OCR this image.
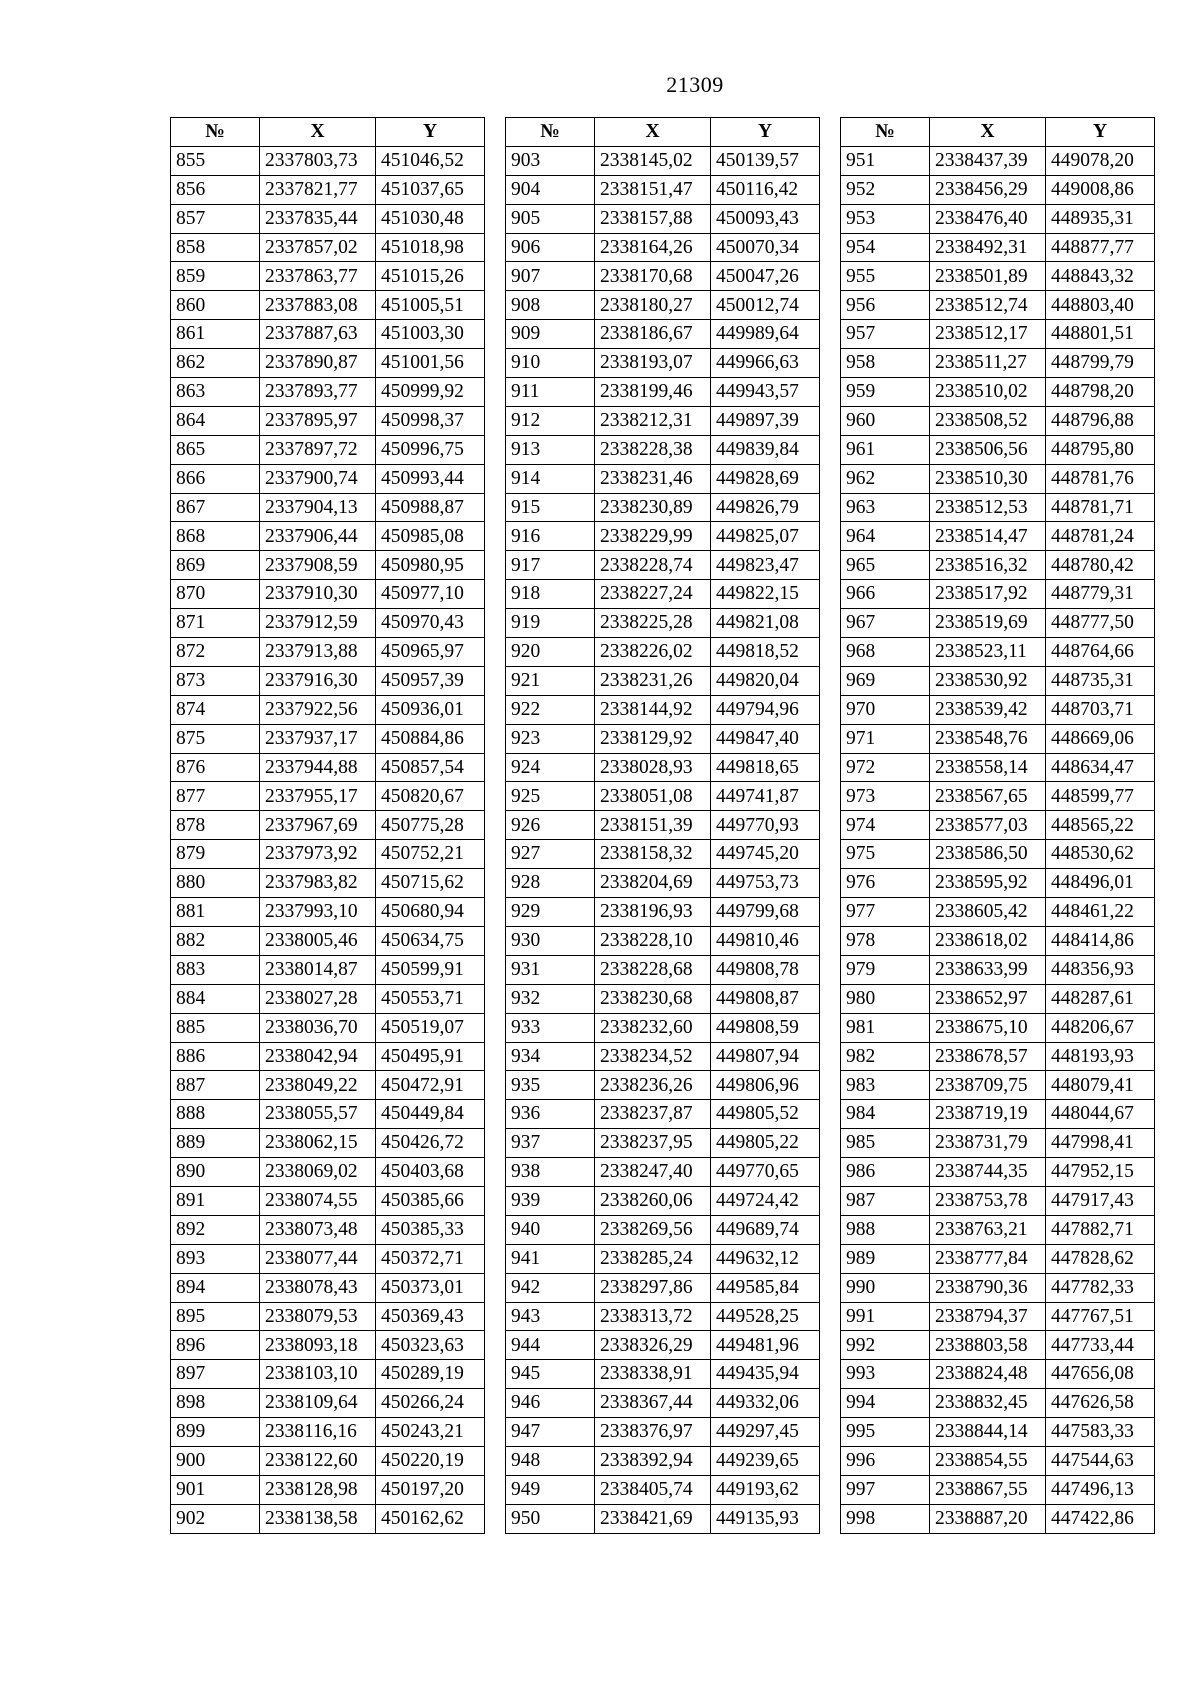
21309
№	X	Y
855	2337803,73	451046,52
856	2337821,77	451037,65
857	2337835,44	451030,48
858	2337857,02	451018,98
859	2337863,77	451015,26
860	2337883,08	451005,51
861	2337887,63	451003,30
862	2337890,87	451001,56
863	2337893,77	450999,92
864	2337895,97	450998,37
865	2337897,72	450996,75
866	2337900,74	450993,44
867	2337904,13	450988,87
868	2337906,44	450985,08
869	2337908,59	450980,95
870	2337910,30	450977,10
871	2337912,59	450970,43
872	2337913,88	450965,97
873	2337916,30	450957,39
874	2337922,56	450936,01
875	2337937,17	450884,86
876	2337944,88	450857,54
877	2337955,17	450820,67
878	2337967,69	450775,28
879	2337973,92	450752,21
880	2337983,82	450715,62
881	2337993,10	450680,94
882	2338005,46	450634,75
883	2338014,87	450599,91
884	2338027,28	450553,71
885	2338036,70	450519,07
886	2338042,94	450495,91
887	2338049,22	450472,91
888	2338055,57	450449,84
889	2338062,15	450426,72
890	2338069,02	450403,68
891	2338074,55	450385,66
892	2338073,48	450385,33
893	2338077,44	450372,71
894	2338078,43	450373,01
895	2338079,53	450369,43
896	2338093,18	450323,63
897	2338103,10	450289,19
898	2338109,64	450266,24
899	2338116,16	450243,21
900	2338122,60	450220,19
901	2338128,98	450197,20
902	2338138,58	450162,62
№	X	Y
903	2338145,02	450139,57
904	2338151,47	450116,42
905	2338157,88	450093,43
906	2338164,26	450070,34
907	2338170,68	450047,26
908	2338180,27	450012,74
909	2338186,67	449989,64
910	2338193,07	449966,63
911	2338199,46	449943,57
912	2338212,31	449897,39
913	2338228,38	449839,84
914	2338231,46	449828,69
915	2338230,89	449826,79
916	2338229,99	449825,07
917	2338228,74	449823,47
918	2338227,24	449822,15
919	2338225,28	449821,08
920	2338226,02	449818,52
921	2338231,26	449820,04
922	2338144,92	449794,96
923	2338129,92	449847,40
924	2338028,93	449818,65
925	2338051,08	449741,87
926	2338151,39	449770,93
927	2338158,32	449745,20
928	2338204,69	449753,73
929	2338196,93	449799,68
930	2338228,10	449810,46
931	2338228,68	449808,78
932	2338230,68	449808,87
933	2338232,60	449808,59
934	2338234,52	449807,94
935	2338236,26	449806,96
936	2338237,87	449805,52
937	2338237,95	449805,22
938	2338247,40	449770,65
939	2338260,06	449724,42
940	2338269,56	449689,74
941	2338285,24	449632,12
942	2338297,86	449585,84
943	2338313,72	449528,25
944	2338326,29	449481,96
945	2338338,91	449435,94
946	2338367,44	449332,06
947	2338376,97	449297,45
948	2338392,94	449239,65
949	2338405,74	449193,62
950	2338421,69	449135,93
№	X	Y
951	2338437,39	449078,20
952	2338456,29	449008,86
953	2338476,40	448935,31
954	2338492,31	448877,77
955	2338501,89	448843,32
956	2338512,74	448803,40
957	2338512,17	448801,51
958	2338511,27	448799,79
959	2338510,02	448798,20
960	2338508,52	448796,88
961	2338506,56	448795,80
962	2338510,30	448781,76
963	2338512,53	448781,71
964	2338514,47	448781,24
965	2338516,32	448780,42
966	2338517,92	448779,31
967	2338519,69	448777,50
968	2338523,11	448764,66
969	2338530,92	448735,31
970	2338539,42	448703,71
971	2338548,76	448669,06
972	2338558,14	448634,47
973	2338567,65	448599,77
974	2338577,03	448565,22
975	2338586,50	448530,62
976	2338595,92	448496,01
977	2338605,42	448461,22
978	2338618,02	448414,86
979	2338633,99	448356,93
980	2338652,97	448287,61
981	2338675,10	448206,67
982	2338678,57	448193,93
983	2338709,75	448079,41
984	2338719,19	448044,67
985	2338731,79	447998,41
986	2338744,35	447952,15
987	2338753,78	447917,43
988	2338763,21	447882,71
989	2338777,84	447828,62
990	2338790,36	447782,33
991	2338794,37	447767,51
992	2338803,58	447733,44
993	2338824,48	447656,08
994	2338832,45	447626,58
995	2338844,14	447583,33
996	2338854,55	447544,63
997	2338867,55	447496,13
998	2338887,20	447422,86
